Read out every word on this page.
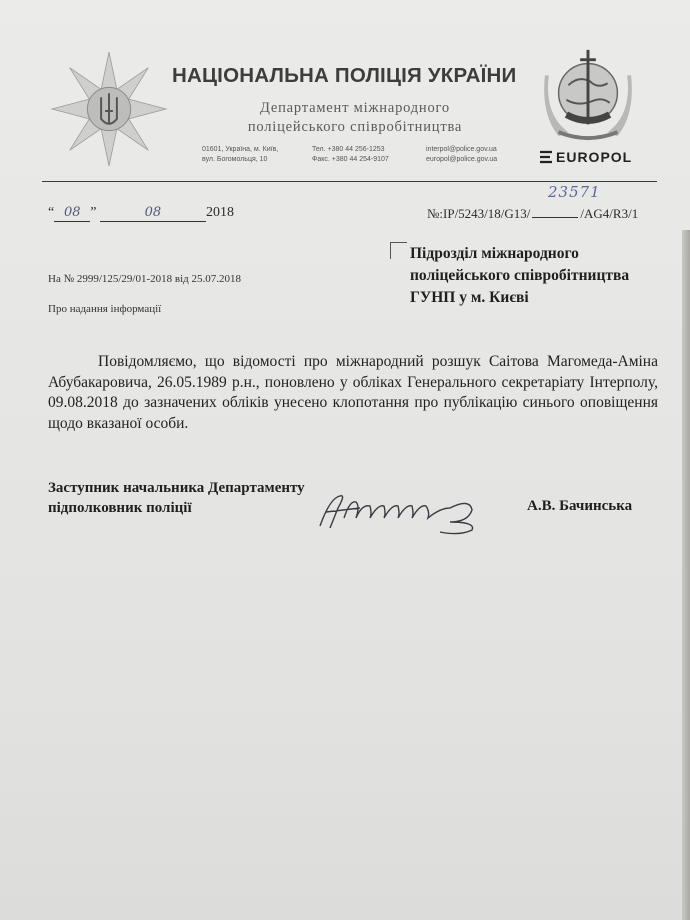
НАЦІОНАЛЬНА ПОЛІЦІЯ УКРАЇНИ
Департамент міжнародного
поліцейського співробітництва
01601, Україна, м. Київ,
вул. Богомольця, 10
Тел. +380 44 256-1253
Факс. +380 44 254-9107
interpol@police.gov.ua
europol@police.gov.ua	EUROPOL
“ 08 ”	08	2018
23571
№:IP/5243/18/G13/	/AG4/R3/1
На № 2999/125/29/01-2018 від 25.07.2018
Про надання інформації
Підрозділ міжнародного
поліцейського співробітництва
ГУНП у м. Києві
Повідомляємо, що відомості про міжнародний розшук Саітова Магомеда-Аміна Абубакаровича, 26.05.1989 р.н., поновлено у обліках Генерального секретаріату Інтерполу, 09.08.2018 до зазначених обліків унесено клопотання про публікацію синього оповіщення щодо вказаної особи.
Заступник начальника Департаменту
підполковник поліції	А.В. Бачинська
